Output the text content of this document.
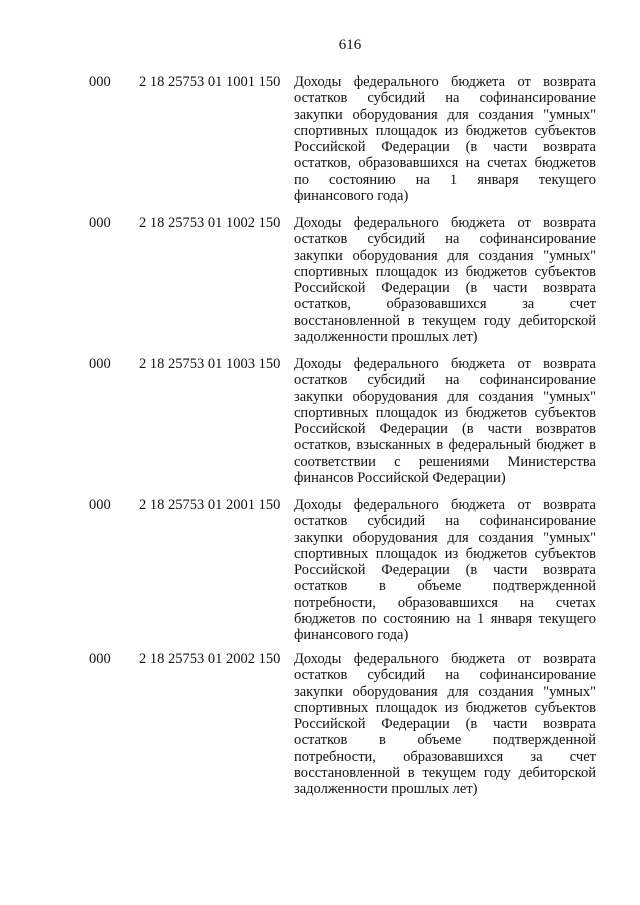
616
000 2 18 25753 01 1001 150 Доходы федерального бюджета от возврата
остатков субсидий на софинансирование
закупки оборудования для создания "умных"
спортивных площадок из бюджетов субъектов
Российской Федерации (в части возврата
остатков, образовавшихся на счетах бюджетов
по состоянию на 1 января текущего
финансового года)
000 2 18 25753 01 1002 150 Доходы федерального бюджета от возврата
остатков субсидий на софинансирование
закупки оборудования для создания "умных"
спортивных площадок из бюджетов субъектов
Российской Федерации (в части возврата
остатков, образовавшихся за счет
восстановленной в текущем году дебиторской
задолженности прошлых лет)
000 2 18 25753 01 1003 150 Доходы федерального бюджета от возврата
остатков субсидий на софинансирование
закупки оборудования для создания "умных"
спортивных площадок из бюджетов субъектов
Российской Федерации (в части возвратов
остатков, взысканных в федеральный бюджет в
соответствии с решениями Министерства
финансов Российской Федерации)
000 2 18 25753 01 2001 150 Доходы федерального бюджета от возврата
остатков субсидий на софинансирование
закупки оборудования для создания "умных"
спортивных площадок из бюджетов субъектов
Российской Федерации (в части возврата
остатков в объеме подтвержденной
потребности, образовавшихся на счетах
бюджетов по состоянию на 1 января текущего
финансового года)
000 2 18 25753 01 2002 150 Доходы федерального бюджета от возврата
остатков субсидий на софинансирование
закупки оборудования для создания "умных"
спортивных площадок из бюджетов субъектов
Российской Федерации (в части возврата
остатков в объеме подтвержденной
потребности, образовавшихся за счет
восстановленной в текущем году дебиторской
задолженности прошлых лет)
